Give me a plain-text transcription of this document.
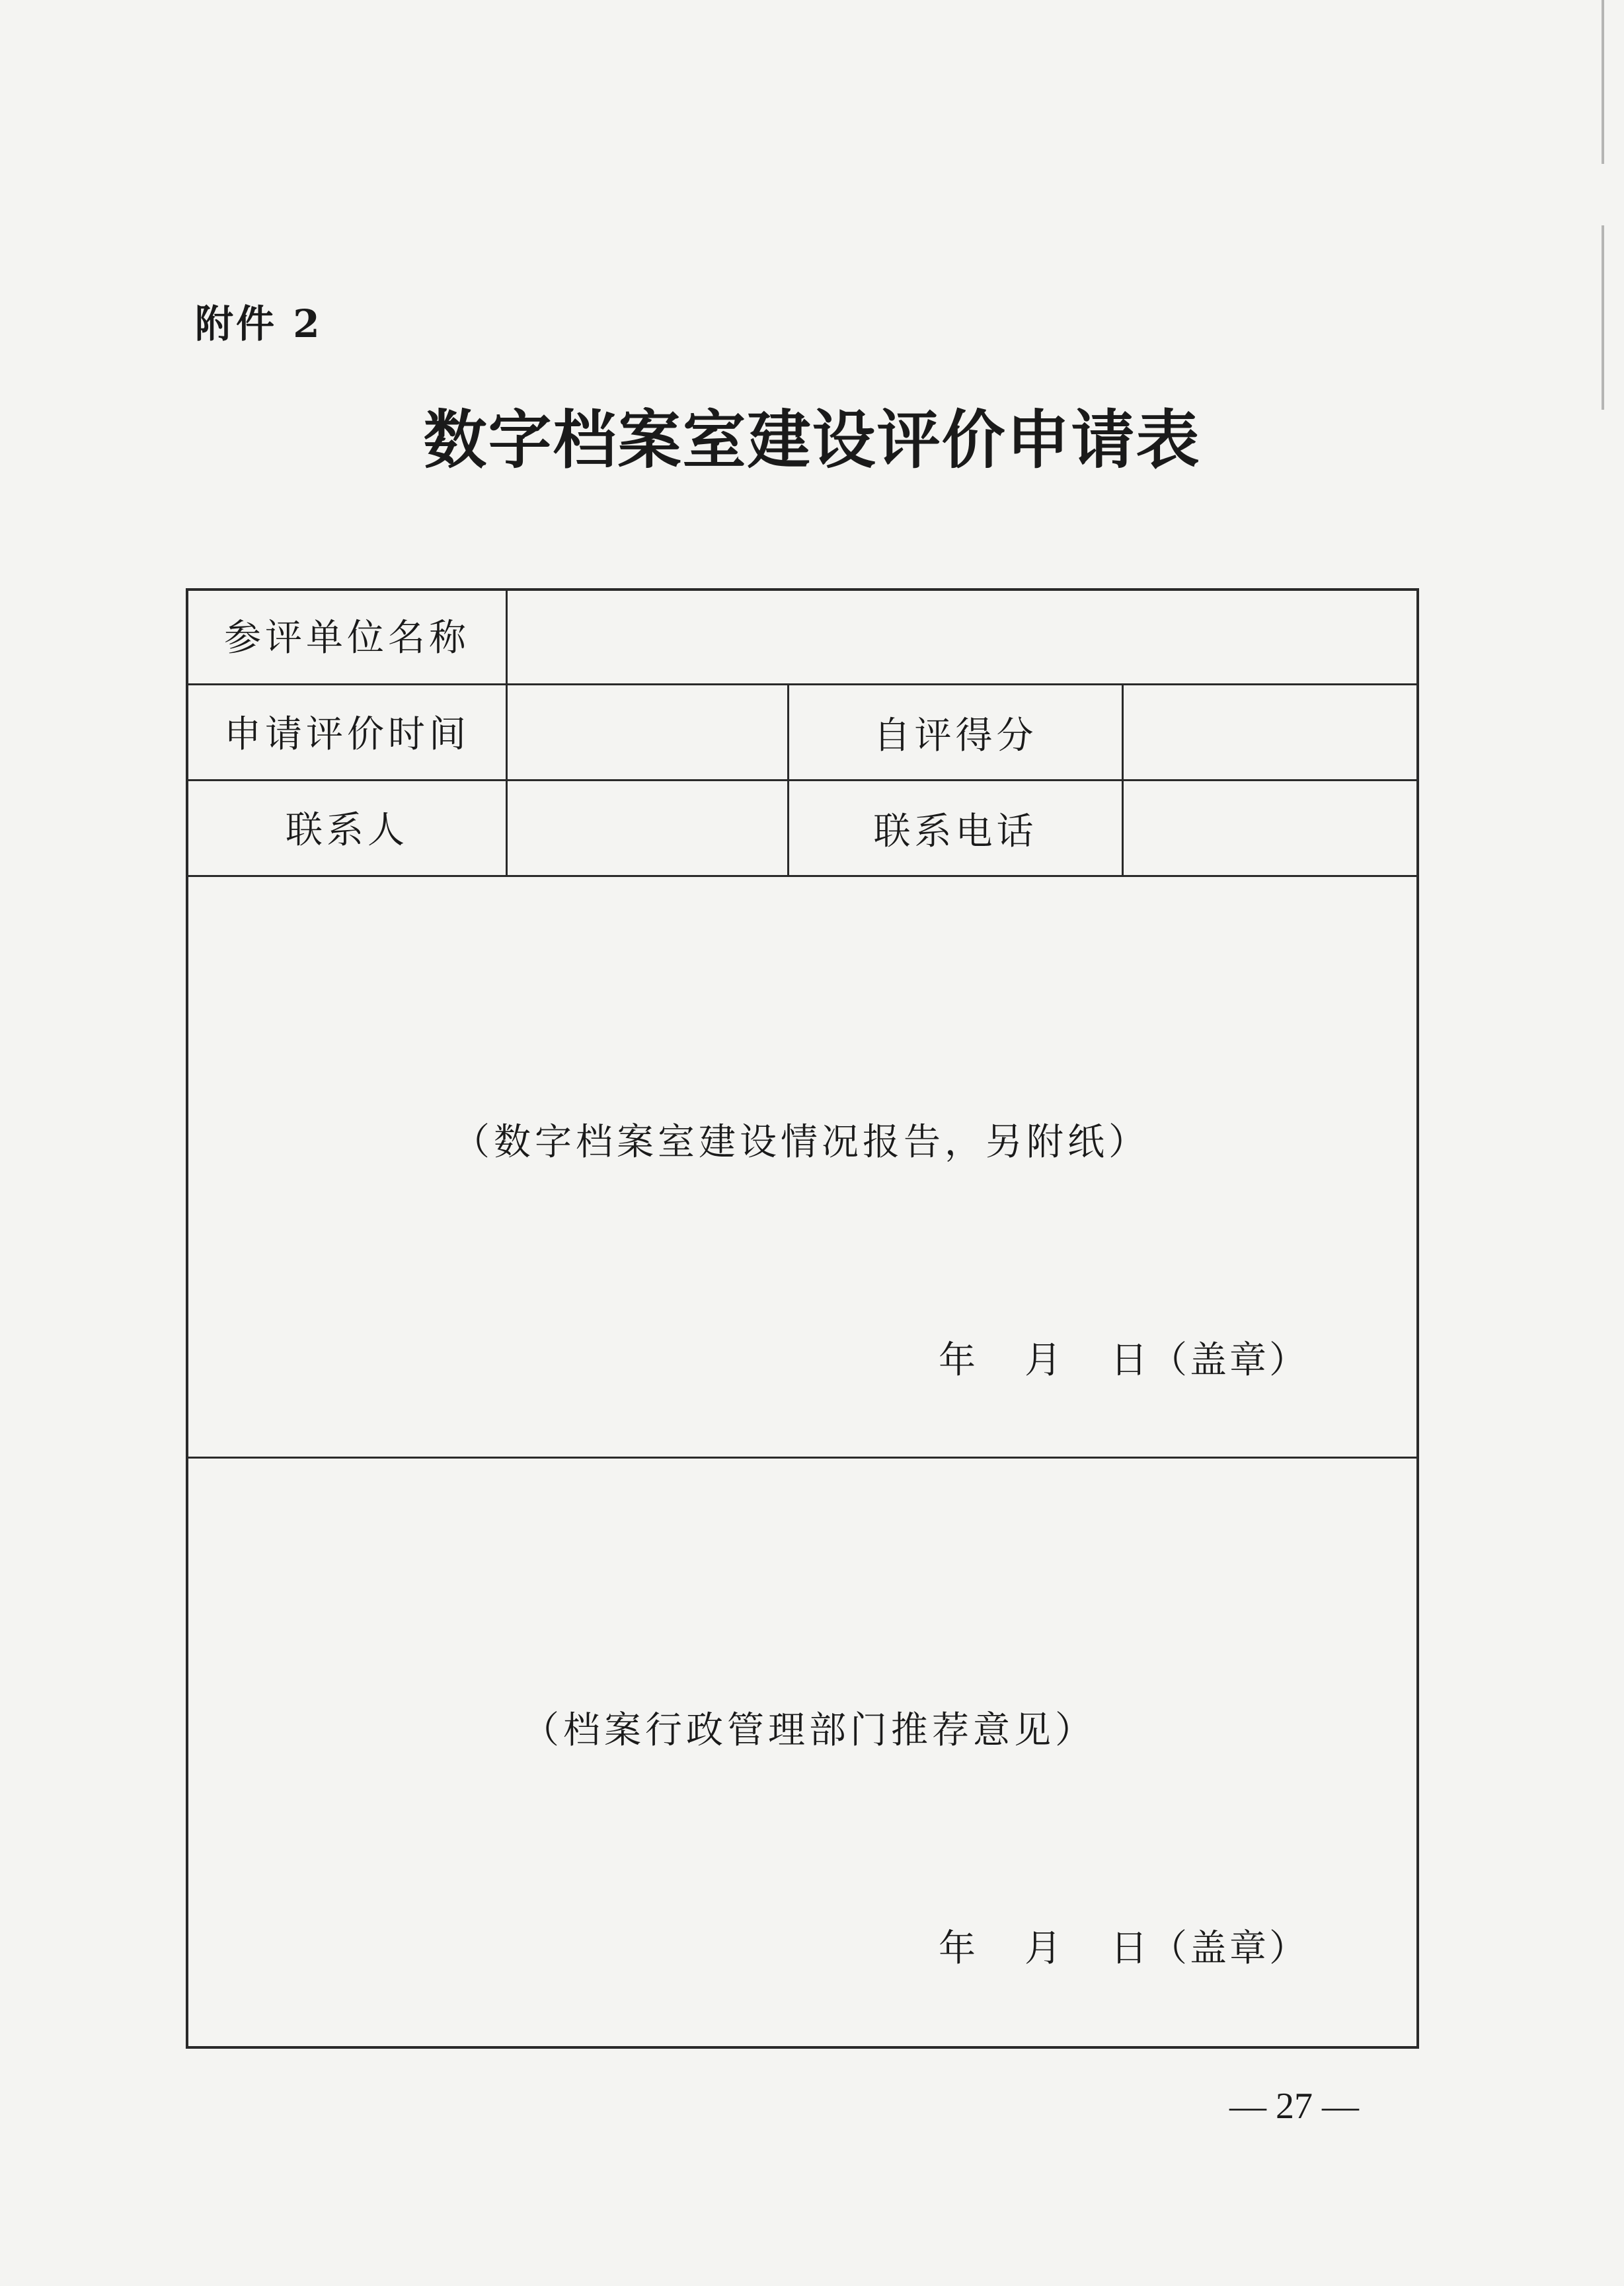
附件 2
数字档案室建设评价申请表
参评单位名称
申请评价时间	自评得分
联系人	联系电话
（数字档案室建设情况报告，另附纸）
年 月 日（盖章）
（档案行政管理部门推荐意见）
年 月 日（盖章）
— 27 —
